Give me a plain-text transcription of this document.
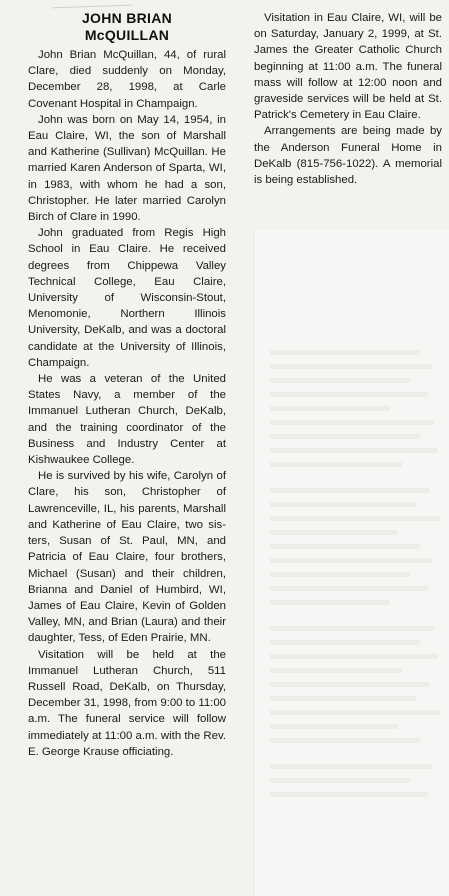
JOHN BRIAN
McQUILLAN

John Brian McQuillan, 44, of rural Clare, died suddenly on Monday, December 28, 1998, at Carle Covenant Hospital in Champaign.

John was born on May 14, 1954, in Eau Claire, WI, the son of Marshall and Katherine (Sullivan) McQuillan. He married Karen Anderson of Sparta, WI, in 1983, with whom he had a son, Christopher. He later married Carolyn Birch of Clare in 1990.

John graduated from Regis High School in Eau Claire. He received degrees from Chippewa Valley Technical College, Eau Claire, University of Wisconsin-Stout, Menomonie, Northern Illinois University, DeKalb, and was a doctoral candidate at the University of Illinois, Champaign.

He was a veteran of the United States Navy, a member of the Immanuel Lutheran Church, DeKalb, and the training coordinator of the Business and Industry Center at Kishwaukee College.

He is survived by his wife, Carolyn of Clare, his son, Christopher of Lawrenceville, IL, his parents, Marshall and Katherine of Eau Claire, two sisters, Susan of St. Paul, MN, and Patricia of Eau Claire, four brothers, Michael (Susan) and their children, Brianna and Daniel of Humbird, WI, James of Eau Claire, Kevin of Golden Valley, MN, and Brian (Laura) and their daughter, Tess, of Eden Prairie, MN.

Visitation will be held at the Immanuel Lutheran Church, 511 Russell Road, DeKalb, on Thursday, December 31, 1998, from 9:00 to 11:00 a.m. The funeral service will follow immediately at 11:00 a.m. with the Rev. E. George Krause officiating.

Visitation in Eau Claire, WI, will be on Saturday, January 2, 1999, at St. James the Greater Catholic Church beginning at 11:00 a.m. The funeral mass will follow at 12:00 noon and graveside services will be held at St. Patrick's Cemetery in Eau Claire.

Arrangements are being made by the Anderson Funeral Home in DeKalb (815-756-1022). A memorial is being established.
